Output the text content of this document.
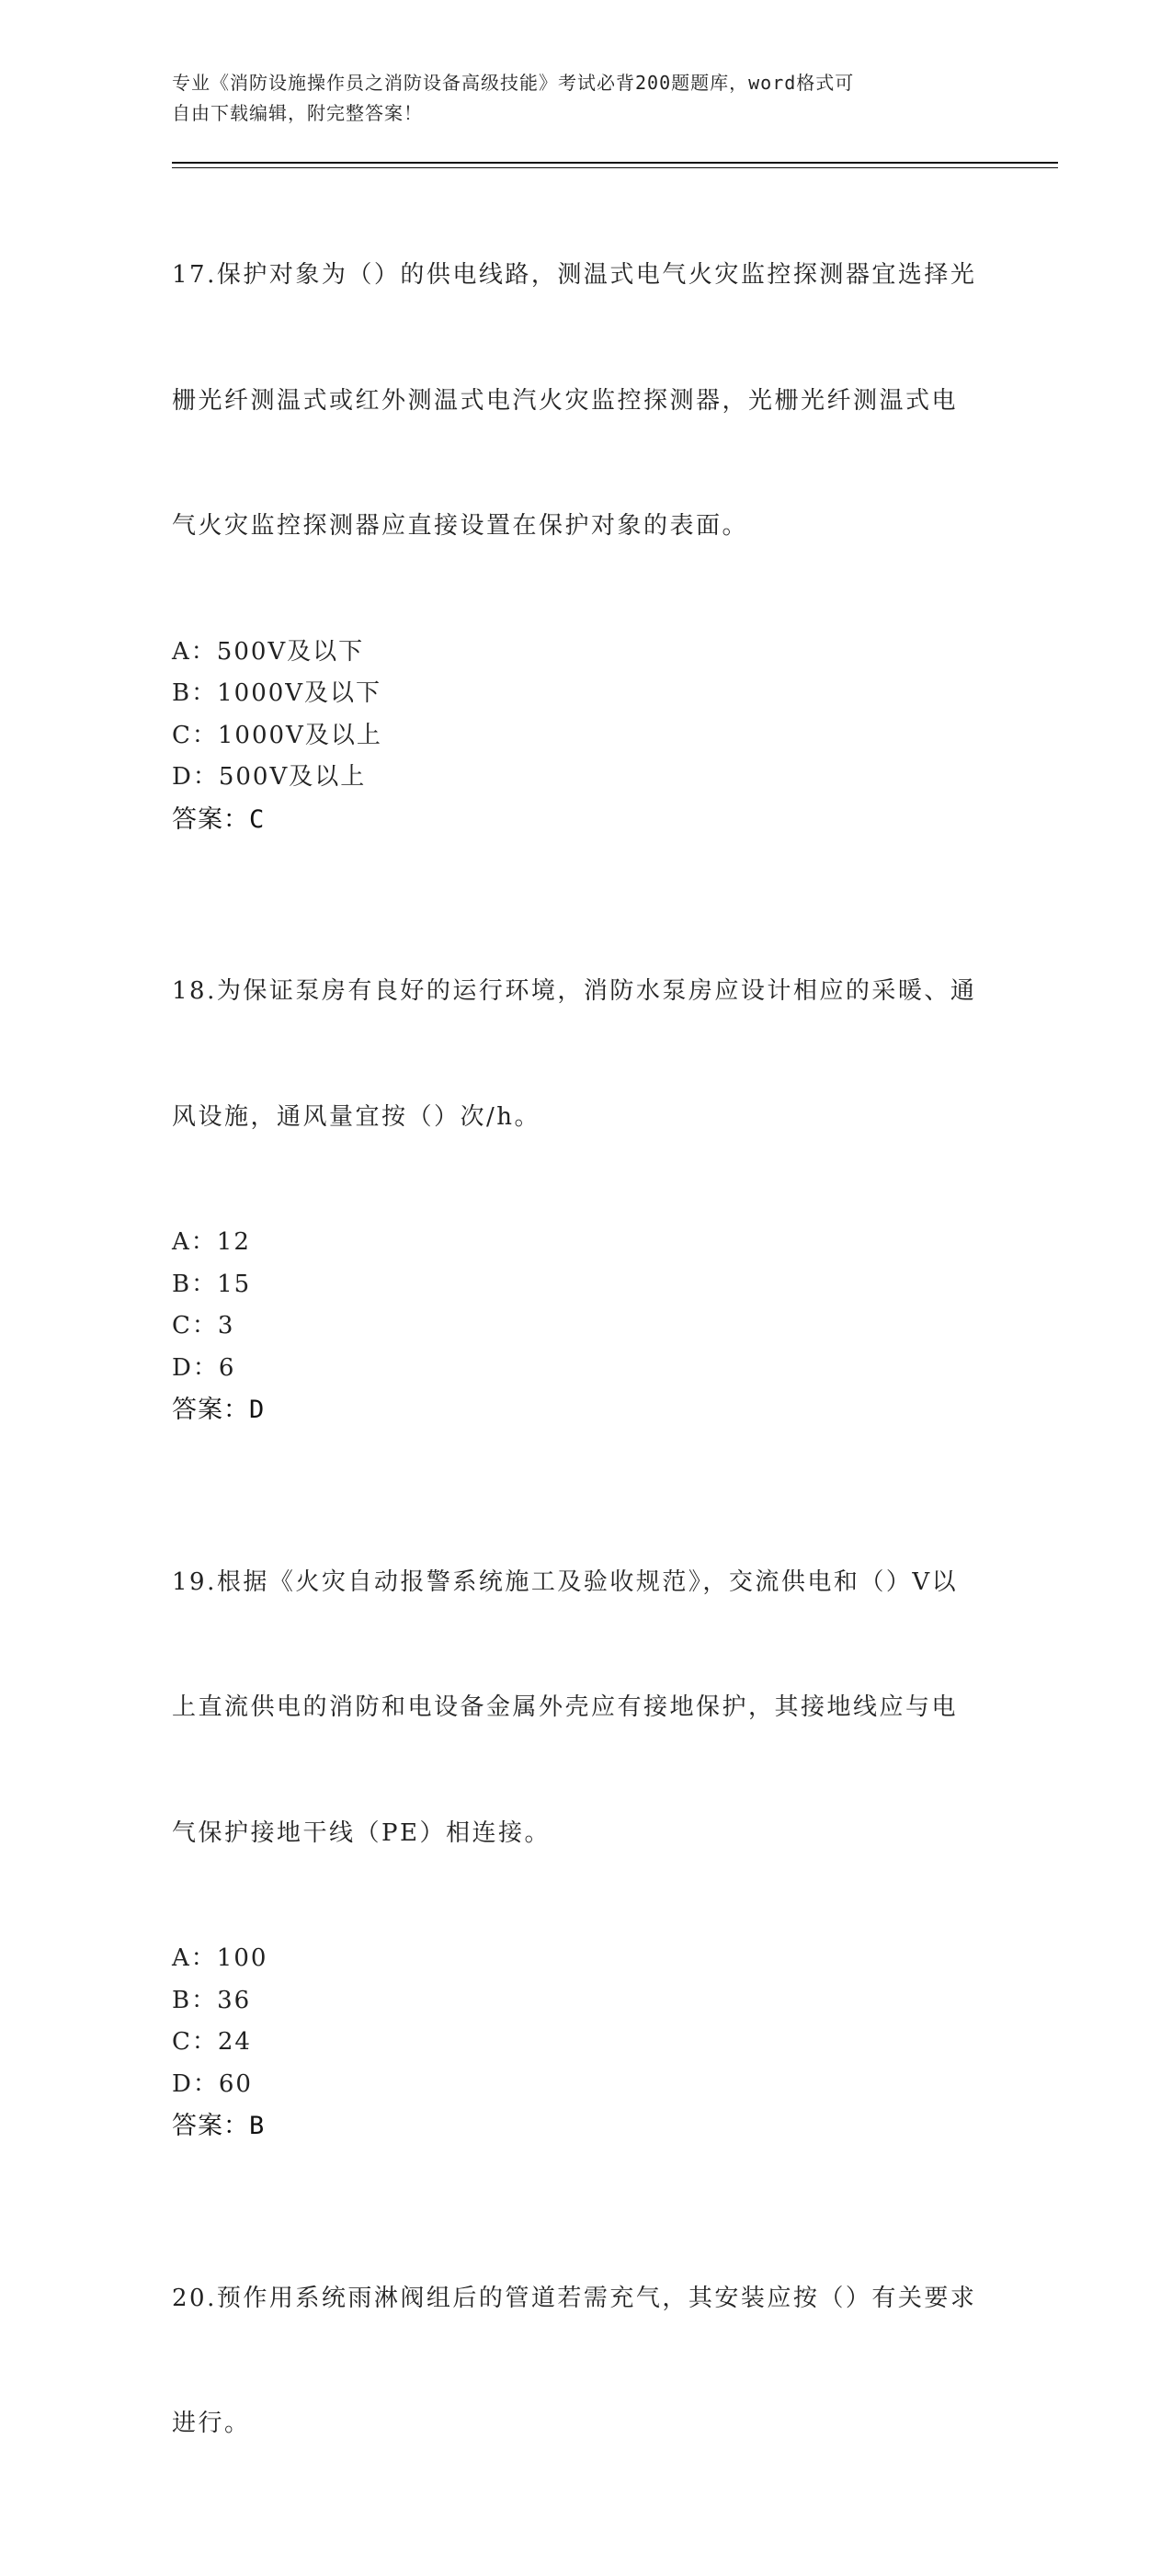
专业《消防设施操作员之消防设备高级技能》考试必背200题题库，word格式可
自由下载编辑，附完整答案！

17.保护对象为（）的供电线路，测温式电气火灾监控探测器宜选择光

栅光纤测温式或红外测温式电汽火灾监控探测器，光栅光纤测温式电

气火灾监控探测器应直接设置在保护对象的表面。

A：500V及以下
B：1000V及以下
C：1000V及以上
D：500V及以上
答案：C

18.为保证泵房有良好的运行环境，消防水泵房应设计相应的采暖、通

风设施，通风量宜按（）次/h。

A：12
B：15
C：3
D：6
答案：D

19.根据《火灾自动报警系统施工及验收规范》，交流供电和（）V以

上直流供电的消防和电设备金属外壳应有接地保护，其接地线应与电

气保护接地干线（PE）相连接。

A：100
B：36
C：24
D：60
答案：B

20.预作用系统雨淋阀组后的管道若需充气，其安装应按（）有关要求

进行。
